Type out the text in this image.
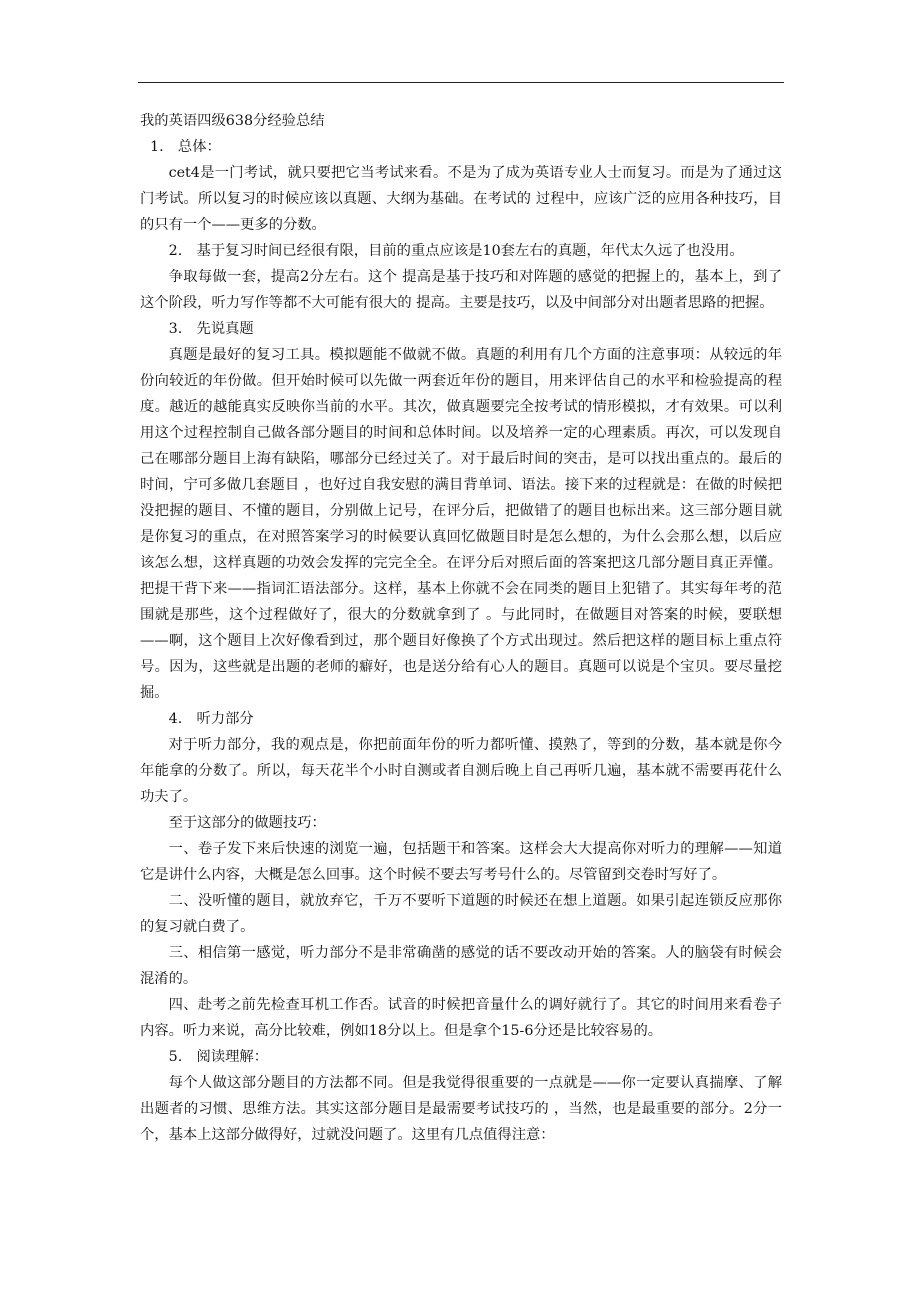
我的英语四级638分经验总结

1.　总体：

cet4是一门考试，就只要把它当考试来看。不是为了成为英语专业人士而复习。而是为了通过这门考试。所以复习的时候应该以真题、大纲为基础。在考试的 过程中，应该广泛的应用各种技巧，目的只有一个——更多的分数。

2.　基于复习时间已经很有限，目前的重点应该是10套左右的真题，年代太久远了也没用。

争取每做一套，提高2分左右。这个 提高是基于技巧和对阵题的感觉的把握上的，基本上，到了这个阶段，听力写作等都不大可能有很大的 提高。主要是技巧，以及中间部分对出题者思路的把握。

3.　先说真题

真题是最好的复习工具。模拟题能不做就不做。真题的利用有几个方面的注意事项：从较远的年份向较近的年份做。但开始时候可以先做一两套近年份的题目，用来评估自己的水平和检验提高的程度。越近的越能真实反映你当前的水平。其次，做真题要完全按考试的情形模拟，才有效果。可以利用这个过程控制自己做各部分题目的时间和总体时间。以及培养一定的心理素质。再次，可以发现自己在哪部分题目上海有缺陷，哪部分已经过关了。对于最后时间的突击，是可以找出重点的。最后的时间，宁可多做几套题目 ，也好过自我安慰的满目背单词、语法。接下来的过程就是：在做的时候把没把握的题目、不懂的题目，分别做上记号，在评分后，把做错了的题目也标出来。这三部分题目就是你复习的重点，在对照答案学习的时候要认真回忆做题目时是怎么想的，为什么会那么想，以后应该怎么想，这样真题的功效会发挥的完完全全。在评分后对照后面的答案把这几部分题目真正弄懂。把提干背下来——指词汇语法部分。这样，基本上你就不会在同类的题目上犯错了。其实每年考的范围就是那些，这个过程做好了，很大的分数就拿到了 。与此同时，在做题目对答案的时候，要联想——啊，这个题目上次好像看到过，那个题目好像换了个方式出现过。然后把这样的题目标上重点符号。因为，这些就是出题的老师的癖好，也是送分给有心人的题目。真题可以说是个宝贝。要尽量挖掘。

4.　听力部分

对于听力部分，我的观点是，你把前面年份的听力都听懂、摸熟了，等到的分数，基本就是你今年能拿的分数了。所以，每天花半个小时自测或者自测后晚上自己再听几遍，基本就不需要再花什么功夫了。

至于这部分的做题技巧：

一、卷子发下来后快速的浏览一遍，包括题干和答案。这样会大大提高你对听力的理解——知道它是讲什么内容，大概是怎么回事。这个时候不要去写考号什么的。尽管留到交卷时写好了。

二、没听懂的题目，就放弃它，千万不要听下道题的时候还在想上道题。如果引起连锁反应那你的复习就白费了。

三、相信第一感觉，听力部分不是非常确凿的感觉的话不要改动开始的答案。人的脑袋有时候会混淆的。

四、赴考之前先检查耳机工作否。试音的时候把音量什么的调好就行了。其它的时间用来看卷子内容。听力来说，高分比较难，例如18分以上。但是拿个15-6分还是比较容易的。

5.　阅读理解：

每个人做这部分题目的方法都不同。但是我觉得很重要的一点就是——你一定要认真揣摩、了解出题者的习惯、思维方法。其实这部分题目是最需要考试技巧的 ，当然，也是最重要的部分。2分一个，基本上这部分做得好，过就没问题了。这里有几点值得注意：
